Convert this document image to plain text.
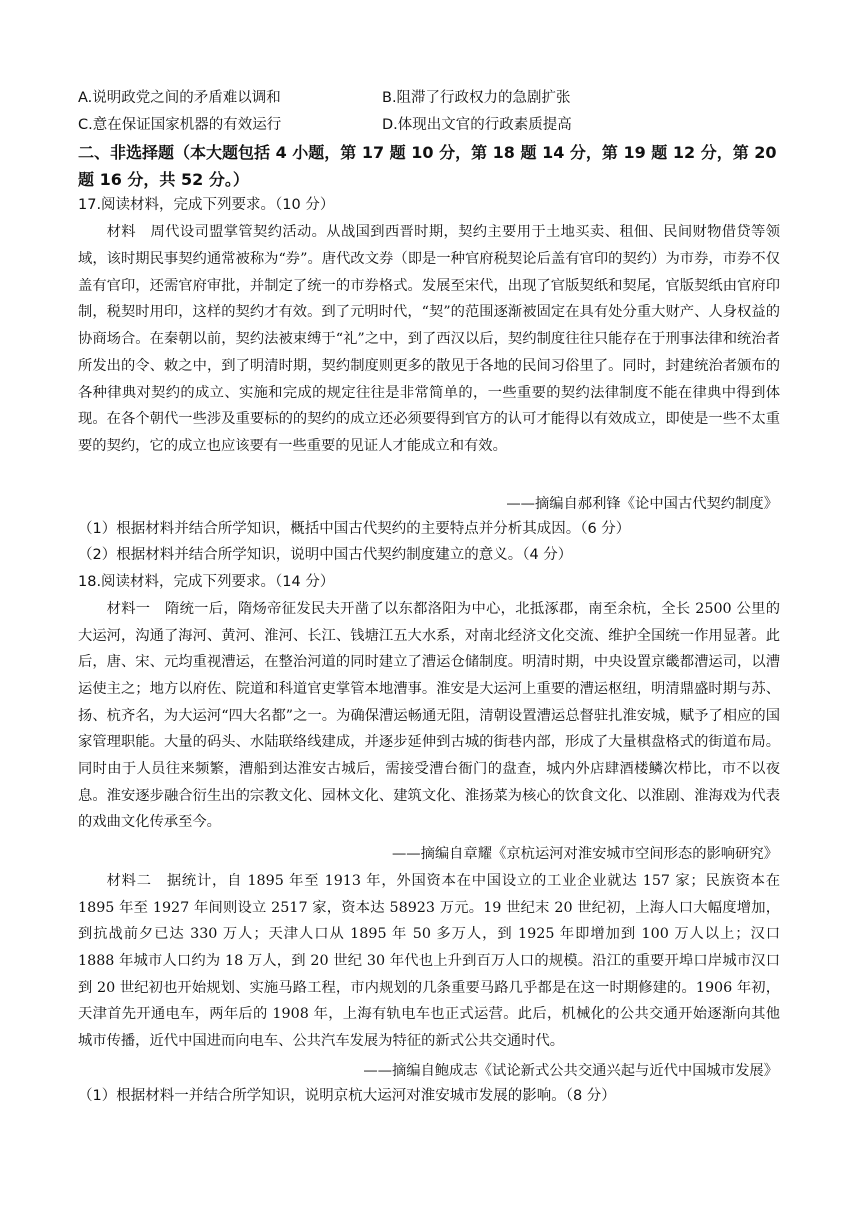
A.说明政党之间的矛盾难以调和	B.阻滞了行政权力的急剧扩张
C.意在保证国家机器的有效运行	D.体现出文官的行政素质提高
二、非选择题（本大题包括 4 小题，第 17 题 10 分，第 18 题 14 分，第 19 题 12 分，第 20 题 16 分，共 52 分。）
17.阅读材料，完成下列要求。（10 分）
材料　周代设司盟掌管契约活动。从战国到西晋时期，契约主要用于土地买卖、租佃、民间财物借贷等领域，该时期民事契约通常被称为“券”。唐代改文券（即是一种官府税契论后盖有官印的契约）为市券，市券不仅盖有官印，还需官府审批，并制定了统一的市券格式。发展至宋代，出现了官版契纸和契尾，官版契纸由官府印制，税契时用印，这样的契约才有效。到了元明时代，“契”的范围逐渐被固定在具有处分重大财产、人身权益的协商场合。在秦朝以前，契约法被束缚于“礼”之中，到了西汉以后，契约制度往往只能存在于刑事法律和统治者所发出的令、敕之中，到了明清时期，契约制度则更多的散见于各地的民间习俗里了。同时，封建统治者颁布的各种律典对契约的成立、实施和完成的规定往往是非常简单的，一些重要的契约法律制度不能在律典中得到体现。在各个朝代一些涉及重要标的的契约的成立还必须要得到官方的认可才能得以有效成立，即使是一些不太重要的契约，它的成立也应该要有一些重要的见证人才能成立和有效。
——摘编自郝利锋《论中国古代契约制度》
（1）根据材料并结合所学知识，概括中国古代契约的主要特点并分析其成因。（6 分）
（2）根据材料并结合所学知识，说明中国古代契约制度建立的意义。（4 分）
18.阅读材料，完成下列要求。（14 分）
材料一　隋统一后，隋炀帝征发民夫开凿了以东都洛阳为中心，北抵涿郡，南至余杭，全长 2500 公里的大运河，沟通了海河、黄河、淮河、长江、钱塘江五大水系，对南北经济文化交流、维护全国统一作用显著。此后，唐、宋、元均重视漕运，在整治河道的同时建立了漕运仓储制度。明清时期，中央设置京畿都漕运司，以漕运使主之；地方以府佐、院道和科道官吏掌管本地漕事。淮安是大运河上重要的漕运枢纽，明清鼎盛时期与苏、扬、杭齐名，为大运河“四大名都”之一。为确保漕运畅通无阻，清朝设置漕运总督驻扎淮安城，赋予了相应的国家管理职能。大量的码头、水陆联络线建成，并逐步延伸到古城的街巷内部，形成了大量棋盘格式的街道布局。同时由于人员往来频繁，漕船到达淮安古城后，需接受漕台衙门的盘查，城内外店肆酒楼鳞次栉比，市不以夜息。淮安逐步融合衍生出的宗教文化、园林文化、建筑文化、淮扬菜为核心的饮食文化、以淮剧、淮海戏为代表的戏曲文化传承至今。
——摘编自章耀《京杭运河对淮安城市空间形态的影响研究》
材料二　据统计，自 1895 年至 1913 年，外国资本在中国设立的工业企业就达 157 家；民族资本在 1895 年至 1927 年间则设立 2517 家，资本达 58923 万元。19 世纪末 20 世纪初，上海人口大幅度增加，到抗战前夕已达 330 万人；天津人口从 1895 年 50 多万人，到 1925 年即增加到 100 万人以上；汉口 1888 年城市人口约为 18 万人，到 20 世纪 30 年代也上升到百万人口的规模。沿江的重要开埠口岸城市汉口到 20 世纪初也开始规划、实施马路工程，市内规划的几条重要马路几乎都是在这一时期修建的。1906 年初，天津首先开通电车，两年后的 1908 年，上海有轨电车也正式运营。此后，机械化的公共交通开始逐渐向其他城市传播，近代中国进而向电车、公共汽车发展为特征的新式公共交通时代。
——摘编自鲍成志《试论新式公共交通兴起与近代中国城市发展》
（1）根据材料一并结合所学知识，说明京杭大运河对淮安城市发展的影响。（8 分）
